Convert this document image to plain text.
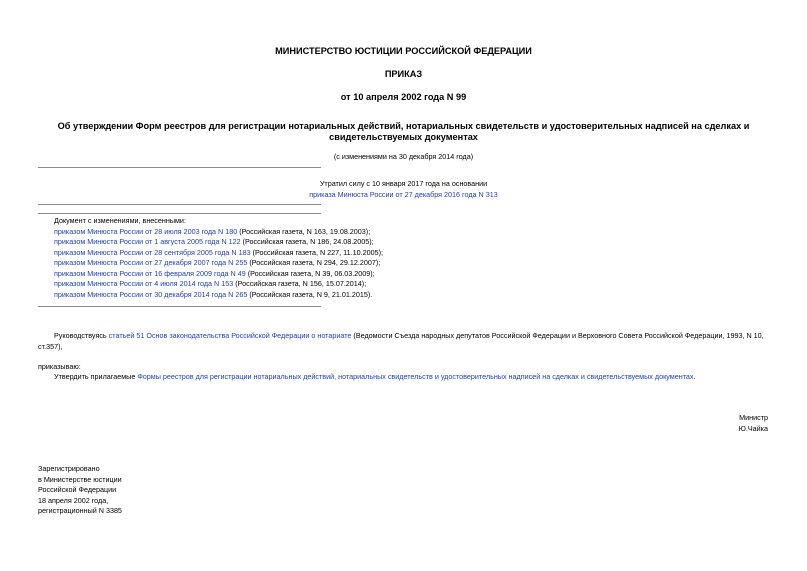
МИНИСТЕРСТВО ЮСТИЦИИ РОССИЙСКОЙ ФЕДЕРАЦИИ
ПРИКАЗ
от 10 апреля 2002 года N 99
Об утверждении Форм реестров для регистрации нотариальных действий, нотариальных свидетельств и удостоверительных надписей на сделках и
свидетельствуемых документах
(с изменениями на 30 декабря 2014 года)
Утратил силу с 10 января 2017 года на основании
приказа Минюста России от 27 декабря 2016 года N 313
Документ с изменениями, внесенными:
приказом Минюста России от 28 июля 2003 года N 180 (Российская газета, N 163, 19.08.2003);
приказом Минюста России от 1 августа 2005 года N 122 (Российская газета, N 186, 24.08.2005);
приказом Минюста России от 28 сентября 2005 года N 183 (Российская газета, N 227, 11.10.2005);
приказом Минюста России от 27 декабря 2007 года N 255 (Российская газета, N 294, 29.12.2007);
приказом Минюста России от 16 февраля 2009 года N 49 (Российская газета, N 39, 06.03.2009);
приказом Минюста России от 4 июля 2014 года N 153 (Российская газета, N 156, 15.07.2014);
приказом Минюста России от 30 декабря 2014 года N 265 (Российская газета, N 9, 21.01.2015).
Руководствуясь статьей 51 Основ законодательства Российской Федерации о нотариате (Ведомости Съезда народных депутатов Российской Федерации и Верховного Совета Российской Федерации, 1993, N 10,
ст.357),
приказываю:
Утвердить прилагаемые Формы реестров для регистрации нотариальных действий, нотариальных свидетельств и удостоверительных надписей на сделках и свидетельствуемых документах.
Министр
Ю.Чайка
Зарегистрировано
в Министерстве юстиции
Российской Федерации
18 апреля 2002 года,
регистрационный N 3385
